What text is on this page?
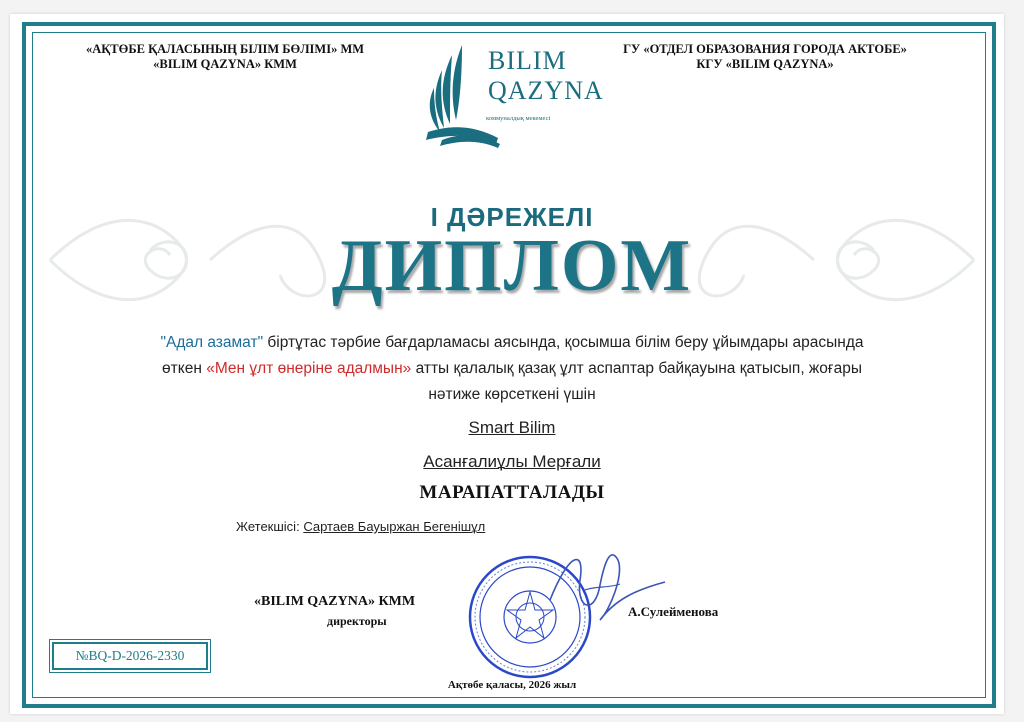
«АҚТӨБЕ ҚАЛАСЫНЫҢ БІЛІМ БӨЛІМІ» ММ
«BILIM QAZYNA» КММ
ГУ «ОТДЕЛ ОБРАЗОВАНИЯ ГОРОДА АКТОБЕ»
КГУ «BILIM QAZYNA»
BILIM
QAZYNA
коммуналдық мекемесі
I ДӘРЕЖЕЛІ
ДИПЛОМ
"Адал азамат" біртұтас тәрбие бағдарламасы аясында, қосымша білім беру ұйымдары арасында өткен «Мен ұлт өнеріне адалмын» атты қалалық қазақ ұлт аспаптар байқауына қатысып, жоғары нәтиже көрсеткені үшін
Smart Bilim
Асанғалиұлы Мерғали
МАРАПАТТАЛАДЫ
Жетекшісі: Сартаев Бауыржан Бегенішұл
«BILIM QAZYNA» КММ
директоры
А.Сулейменова
№BQ-D-2026-2330
Ақтөбе қаласы, 2026 жыл
